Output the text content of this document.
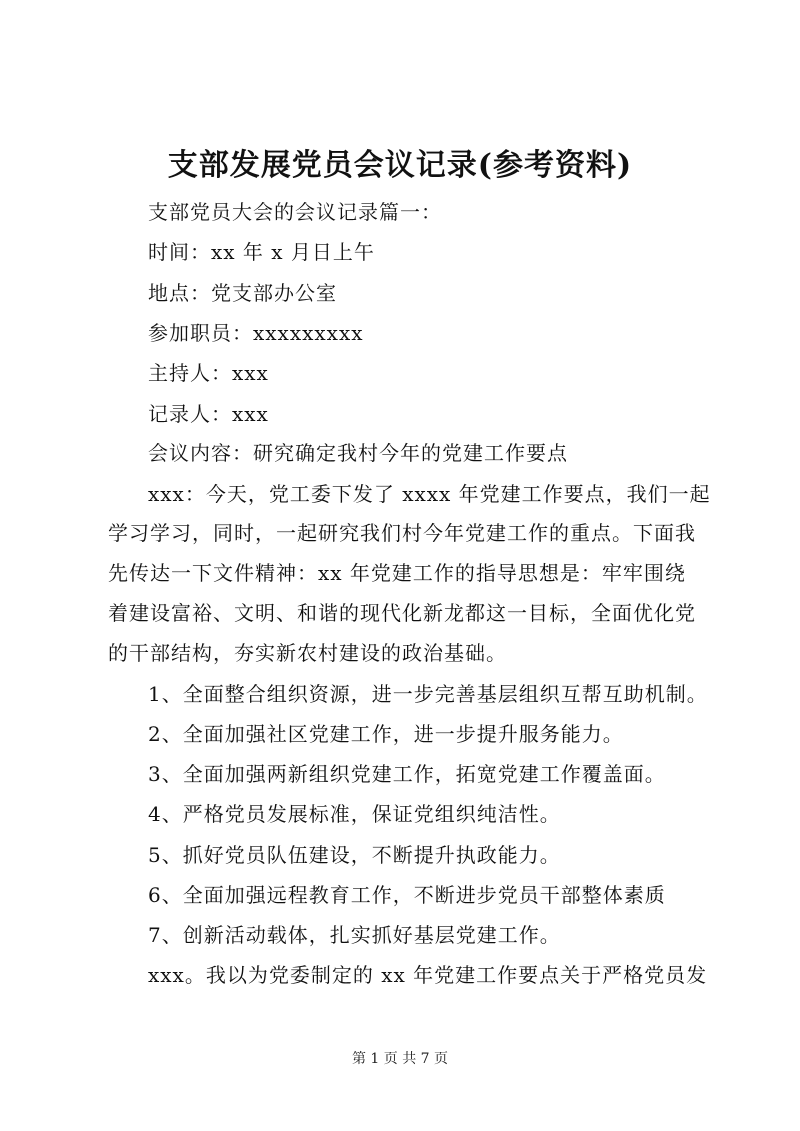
支部发展党员会议记录(参考资料)
支部党员大会的会议记录篇一：
时间：xx 年 x 月日上午
地点：党支部办公室
参加职员：xxxxxxxxx
主持人：xxx
记录人：xxx
会议内容：研究确定我村今年的党建工作要点
xxx：今天，党工委下发了 xxxx 年党建工作要点，我们一起
学习学习，同时，一起研究我们村今年党建工作的重点。下面我
先传达一下文件精神：xx 年党建工作的指导思想是：牢牢围绕
着建设富裕、文明、和谐的现代化新龙都这一目标，全面优化党
的干部结构，夯实新农村建设的政治基础。
1、全面整合组织资源，进一步完善基层组织互帮互助机制。
2、全面加强社区党建工作，进一步提升服务能力。
3、全面加强两新组织党建工作，拓宽党建工作覆盖面。
4、严格党员发展标准，保证党组织纯洁性。
5、抓好党员队伍建设，不断提升执政能力。
6、全面加强远程教育工作，不断进步党员干部整体素质
7、创新活动载体，扎实抓好基层党建工作。
xxx。我以为党委制定的 xx 年党建工作要点关于严格党员发
第 1 页 共 7 页
